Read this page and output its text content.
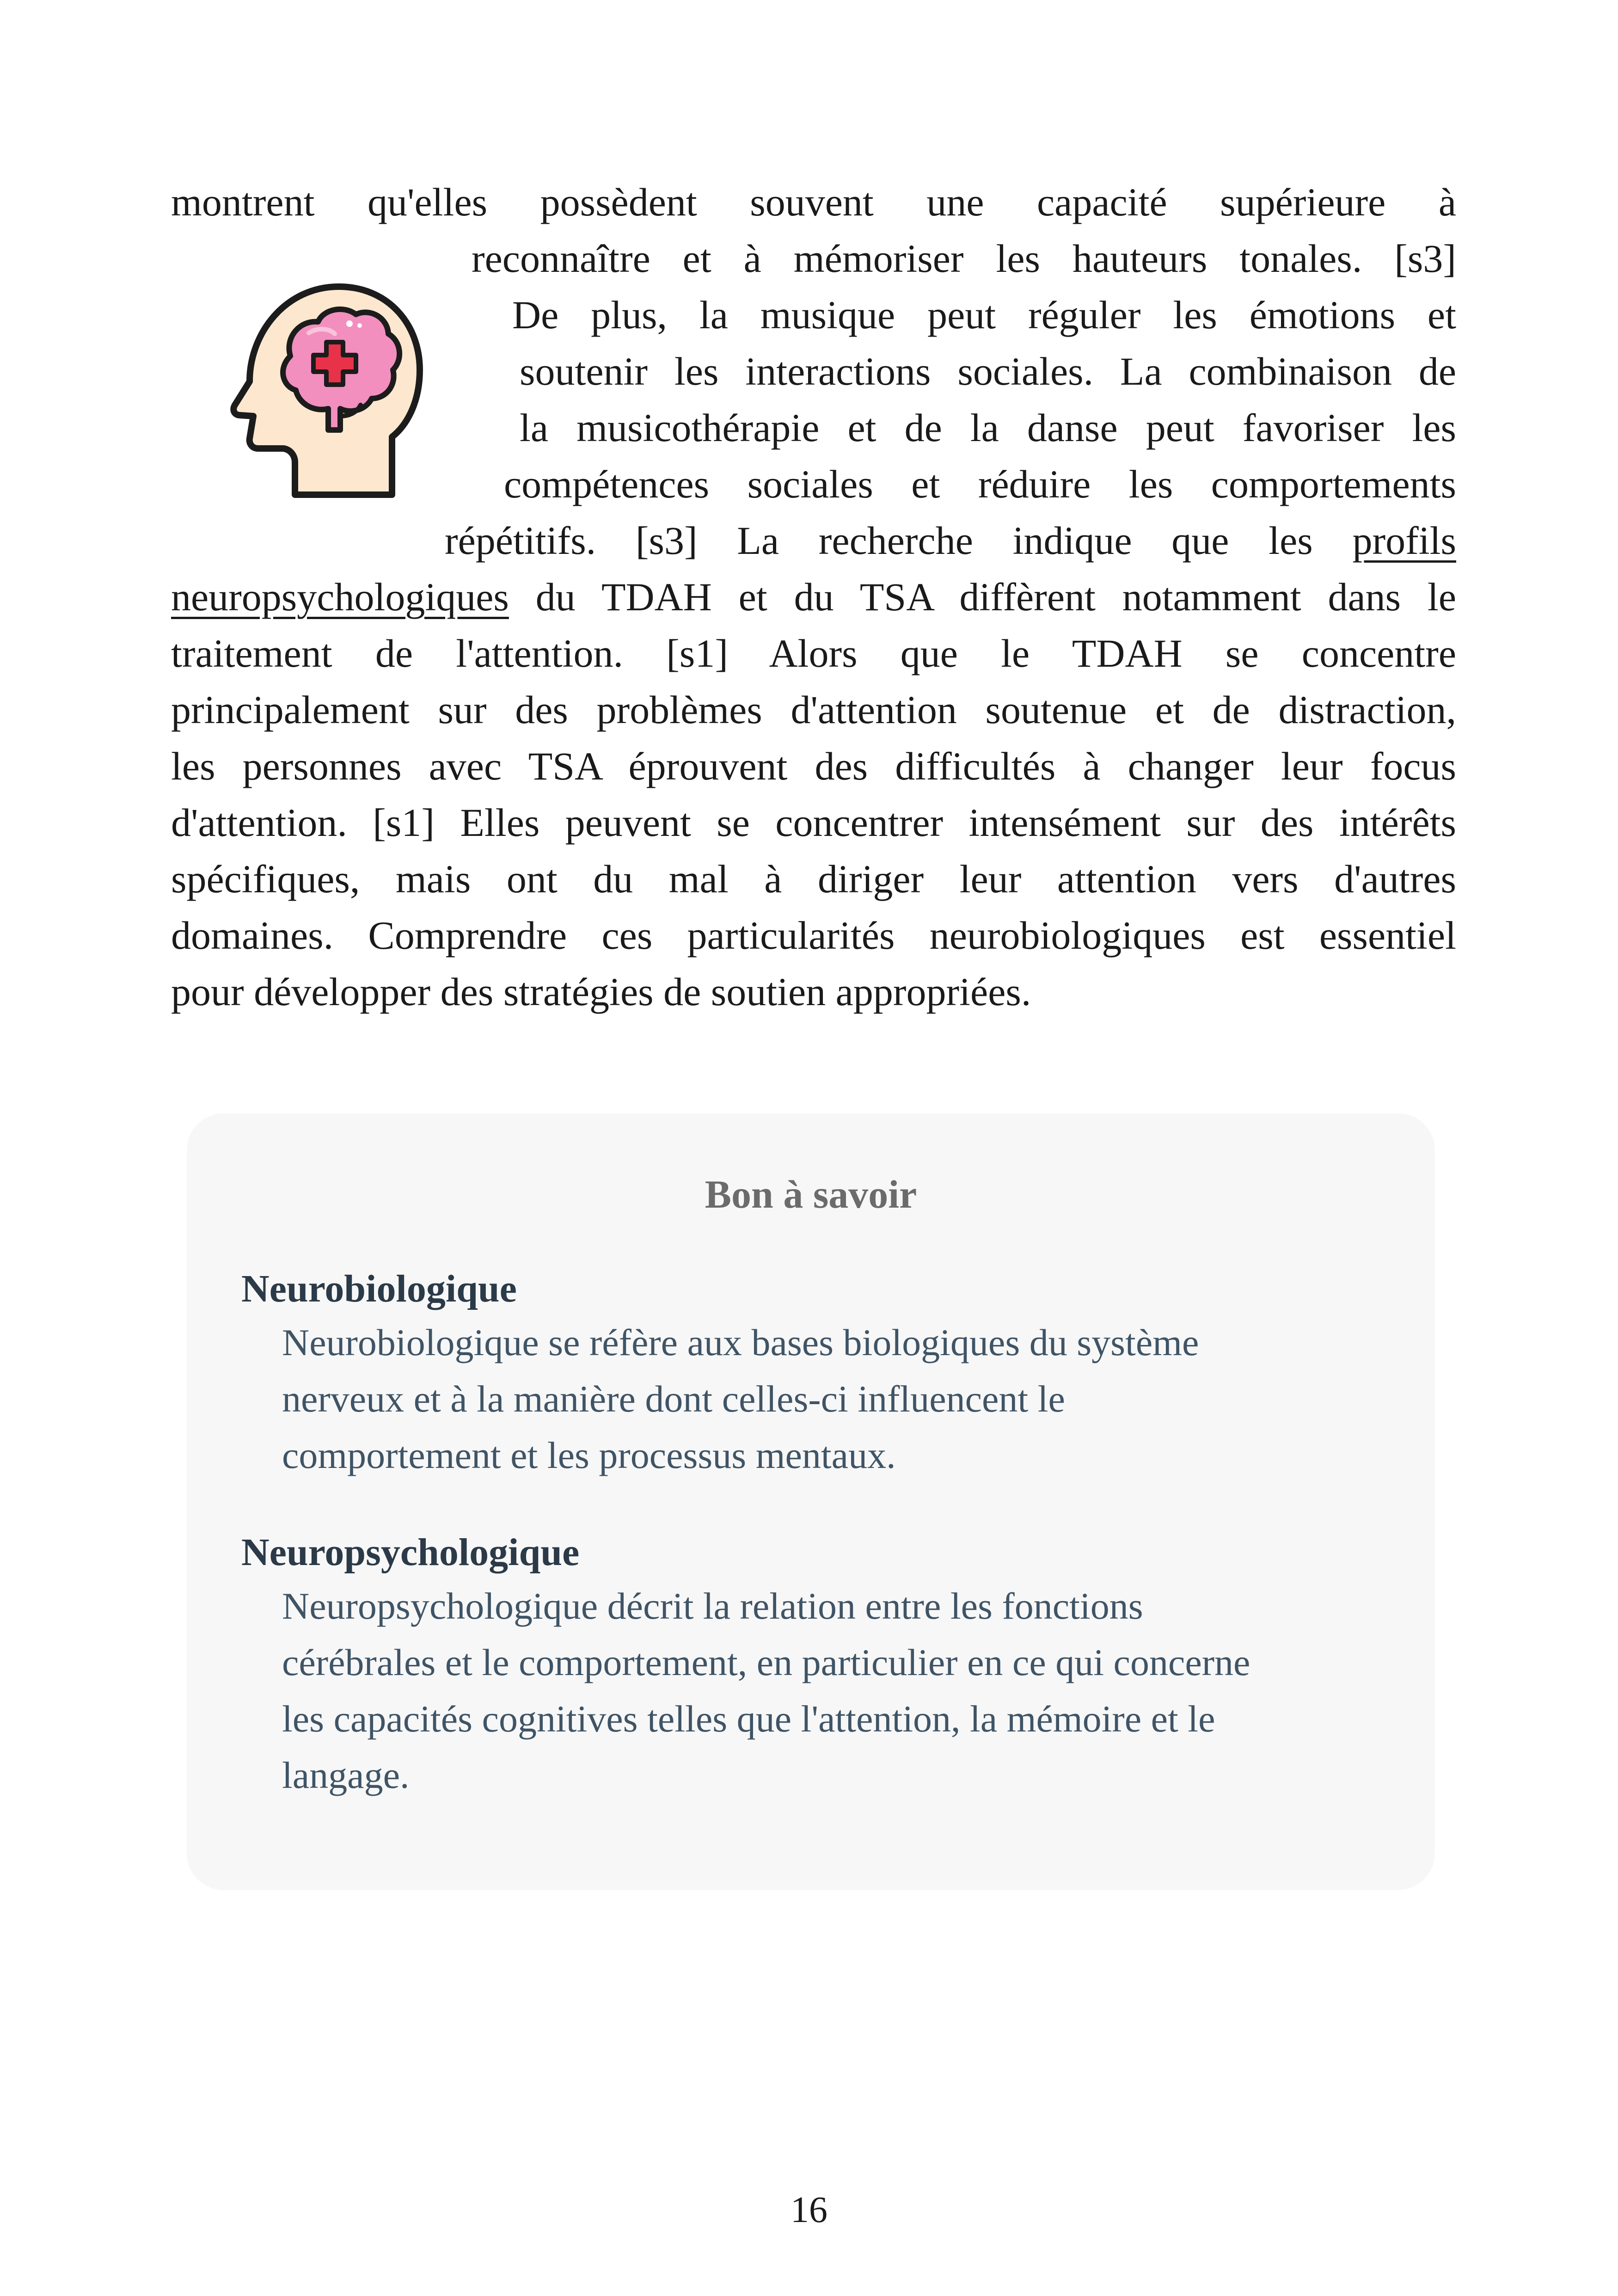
montrent qu'elles possèdent souvent une capacité supérieure à
reconnaître et à mémoriser les hauteurs tonales. [s3]
De plus, la musique peut réguler les émotions et
soutenir les interactions sociales. La combinaison de
la musicothérapie et de la danse peut favoriser les
compétences sociales et réduire les comportements
répétitifs. [s3] La recherche indique que les profils
neuropsychologiques du TDAH et du TSA diffèrent notamment dans le
traitement de l'attention. [s1] Alors que le TDAH se concentre
principalement sur des problèmes d'attention soutenue et de distraction,
les personnes avec TSA éprouvent des difficultés à changer leur focus
d'attention. [s1] Elles peuvent se concentrer intensément sur des intérêts
spécifiques, mais ont du mal à diriger leur attention vers d'autres
domaines. Comprendre ces particularités neurobiologiques est essentiel
pour développer des stratégies de soutien appropriées.

Bon à savoir

Neurobiologique

Neurobiologique se réfère aux bases biologiques du système
nerveux et à la manière dont celles-ci influencent le
comportement et les processus mentaux.

Neuropsychologique

Neuropsychologique décrit la relation entre les fonctions
cérébrales et le comportement, en particulier en ce qui concerne
les capacités cognitives telles que l'attention, la mémoire et le
langage.

16
